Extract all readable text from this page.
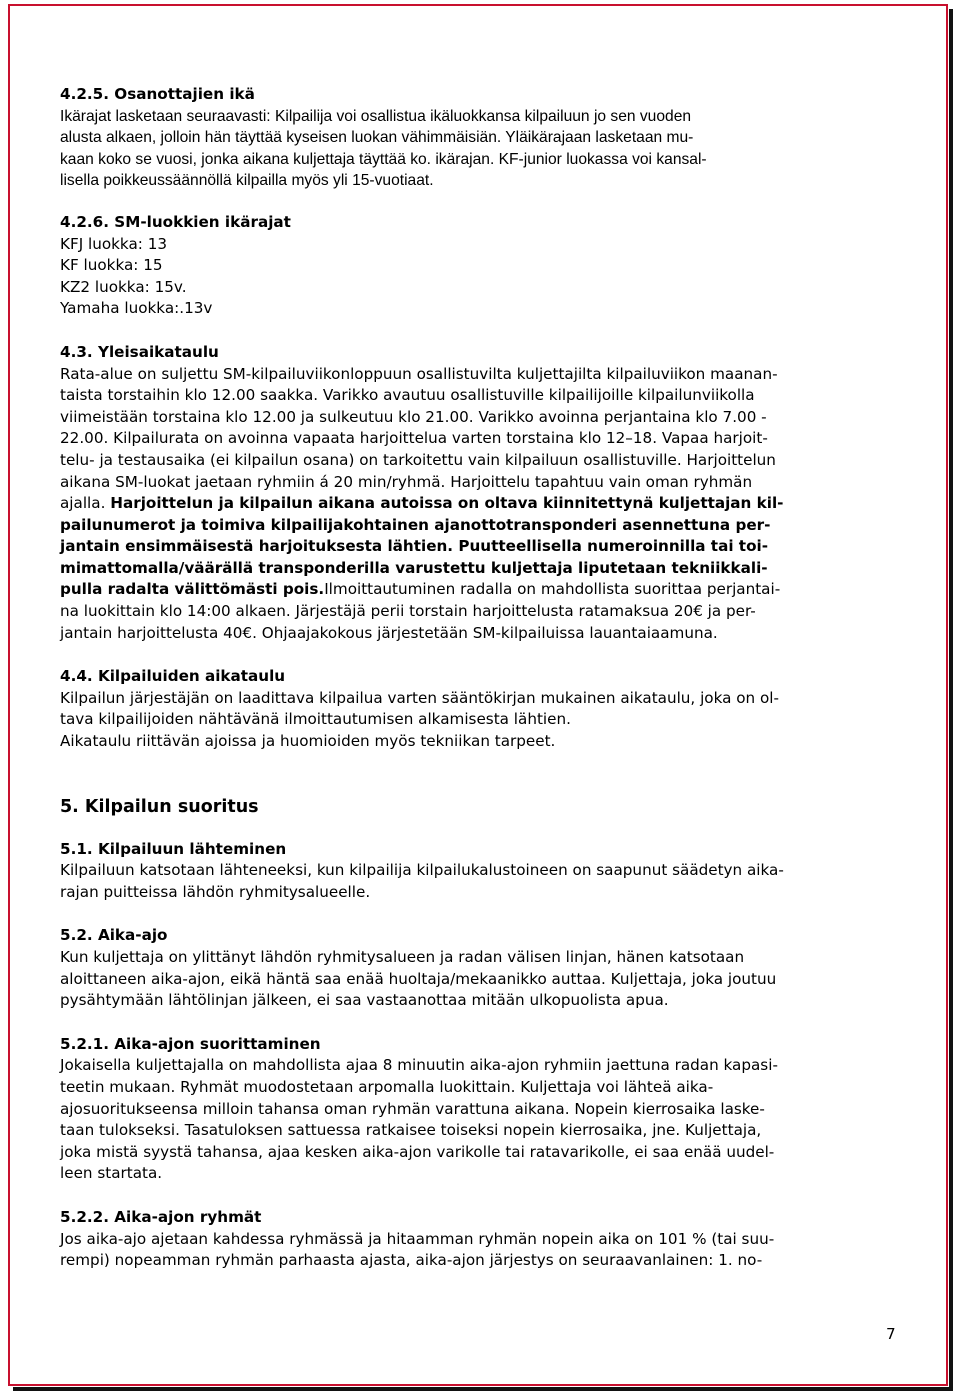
4.2.5. Osanottajien ikä
Ikärajat lasketaan seuraavasti: Kilpailija voi osallistua ikäluokkansa kilpailuun jo sen vuoden
alusta alkaen, jolloin hän täyttää kyseisen luokan vähimmäisiän. Yläikärajaan lasketaan mu-
kaan koko se vuosi, jonka aikana kuljettaja täyttää ko. ikärajan. KF-junior luokassa voi kansal-
lisella poikkeussäännöllä kilpailla myös yli 15-vuotiaat.
4.2.6. SM-luokkien ikärajat
KFJ luokka: 13
KF luokka: 15
KZ2 luokka: 15v.
Yamaha luokka:.13v
4.3. Yleisaikataulu
Rata-alue on suljettu SM-kilpailuviikonloppuun osallistuvilta kuljettajilta kilpailuviikon maanan-
taista torstaihin klo 12.00 saakka. Varikko avautuu osallistuville kilpailijoille kilpailunviikolla
viimeistään torstaina klo 12.00 ja sulkeutuu klo 21.00. Varikko avoinna perjantaina klo 7.00 -
22.00. Kilpailurata on avoinna vapaata harjoittelua varten torstaina klo 12–18. Vapaa harjoit-
telu- ja testausaika (ei kilpailun osana) on tarkoitettu vain kilpailuun osallistuville. Harjoittelun
aikana SM-luokat jaetaan ryhmiin á 20 min/ryhmä. Harjoittelu tapahtuu vain oman ryhmän
ajalla. Harjoittelun ja kilpailun aikana autoissa on oltava kiinnitettynä kuljettajan kil-
pailunumerot ja toimiva kilpailijakohtainen ajanottotransponderi asennettuna per-
jantain ensimmäisestä harjoituksesta lähtien. Puutteellisella numeroinnilla tai toi-
mimattomalla/väärällä transponderilla varustettu kuljettaja liputetaan tekniikkali-
pulla radalta välittömästi pois.Ilmoittautuminen radalla on mahdollista suorittaa perjantai-
na luokittain klo 14:00 alkaen. Järjestäjä perii torstain harjoittelusta ratamaksua 20€ ja per-
jantain harjoittelusta 40€. Ohjaajakokous järjestetään SM-kilpailuissa lauantaiaamuna.
4.4. Kilpailuiden aikataulu
Kilpailun järjestäjän on laadittava kilpailua varten sääntökirjan mukainen aikataulu, joka on ol-
tava kilpailijoiden nähtävänä ilmoittautumisen alkamisesta lähtien.
Aikataulu riittävän ajoissa ja huomioiden myös tekniikan tarpeet.
5. Kilpailun suoritus
5.1. Kilpailuun lähteminen
Kilpailuun katsotaan lähteneeksi, kun kilpailija kilpailukalustoineen on saapunut säädetyn aika-
rajan puitteissa lähdön ryhmitysalueelle.
5.2. Aika-ajo
Kun kuljettaja on ylittänyt lähdön ryhmitysalueen ja radan välisen linjan, hänen katsotaan
aloittaneen aika-ajon, eikä häntä saa enää huoltaja/mekaanikko auttaa. Kuljettaja, joka joutuu
pysähtymään lähtölinjan jälkeen, ei saa vastaanottaa mitään ulkopuolista apua.
5.2.1. Aika-ajon suorittaminen
Jokaisella kuljettajalla on mahdollista ajaa 8 minuutin aika-ajon ryhmiin jaettuna radan kapasi-
teetin mukaan. Ryhmät muodostetaan arpomalla luokittain. Kuljettaja voi lähteä aika-
ajosuoritukseensa milloin tahansa oman ryhmän varattuna aikana. Nopein kierrosaika laske-
taan tulokseksi. Tasatuloksen sattuessa ratkaisee toiseksi nopein kierrosaika, jne. Kuljettaja,
joka mistä syystä tahansa, ajaa kesken aika-ajon varikolle tai ratavarikolle, ei saa enää uudel-
leen startata.
5.2.2. Aika-ajon ryhmät
Jos aika-ajo ajetaan kahdessa ryhmässä ja hitaamman ryhmän nopein aika on 101 % (tai suu-
rempi) nopeamman ryhmän parhaasta ajasta, aika-ajon järjestys on seuraavanlainen: 1. no-
7
